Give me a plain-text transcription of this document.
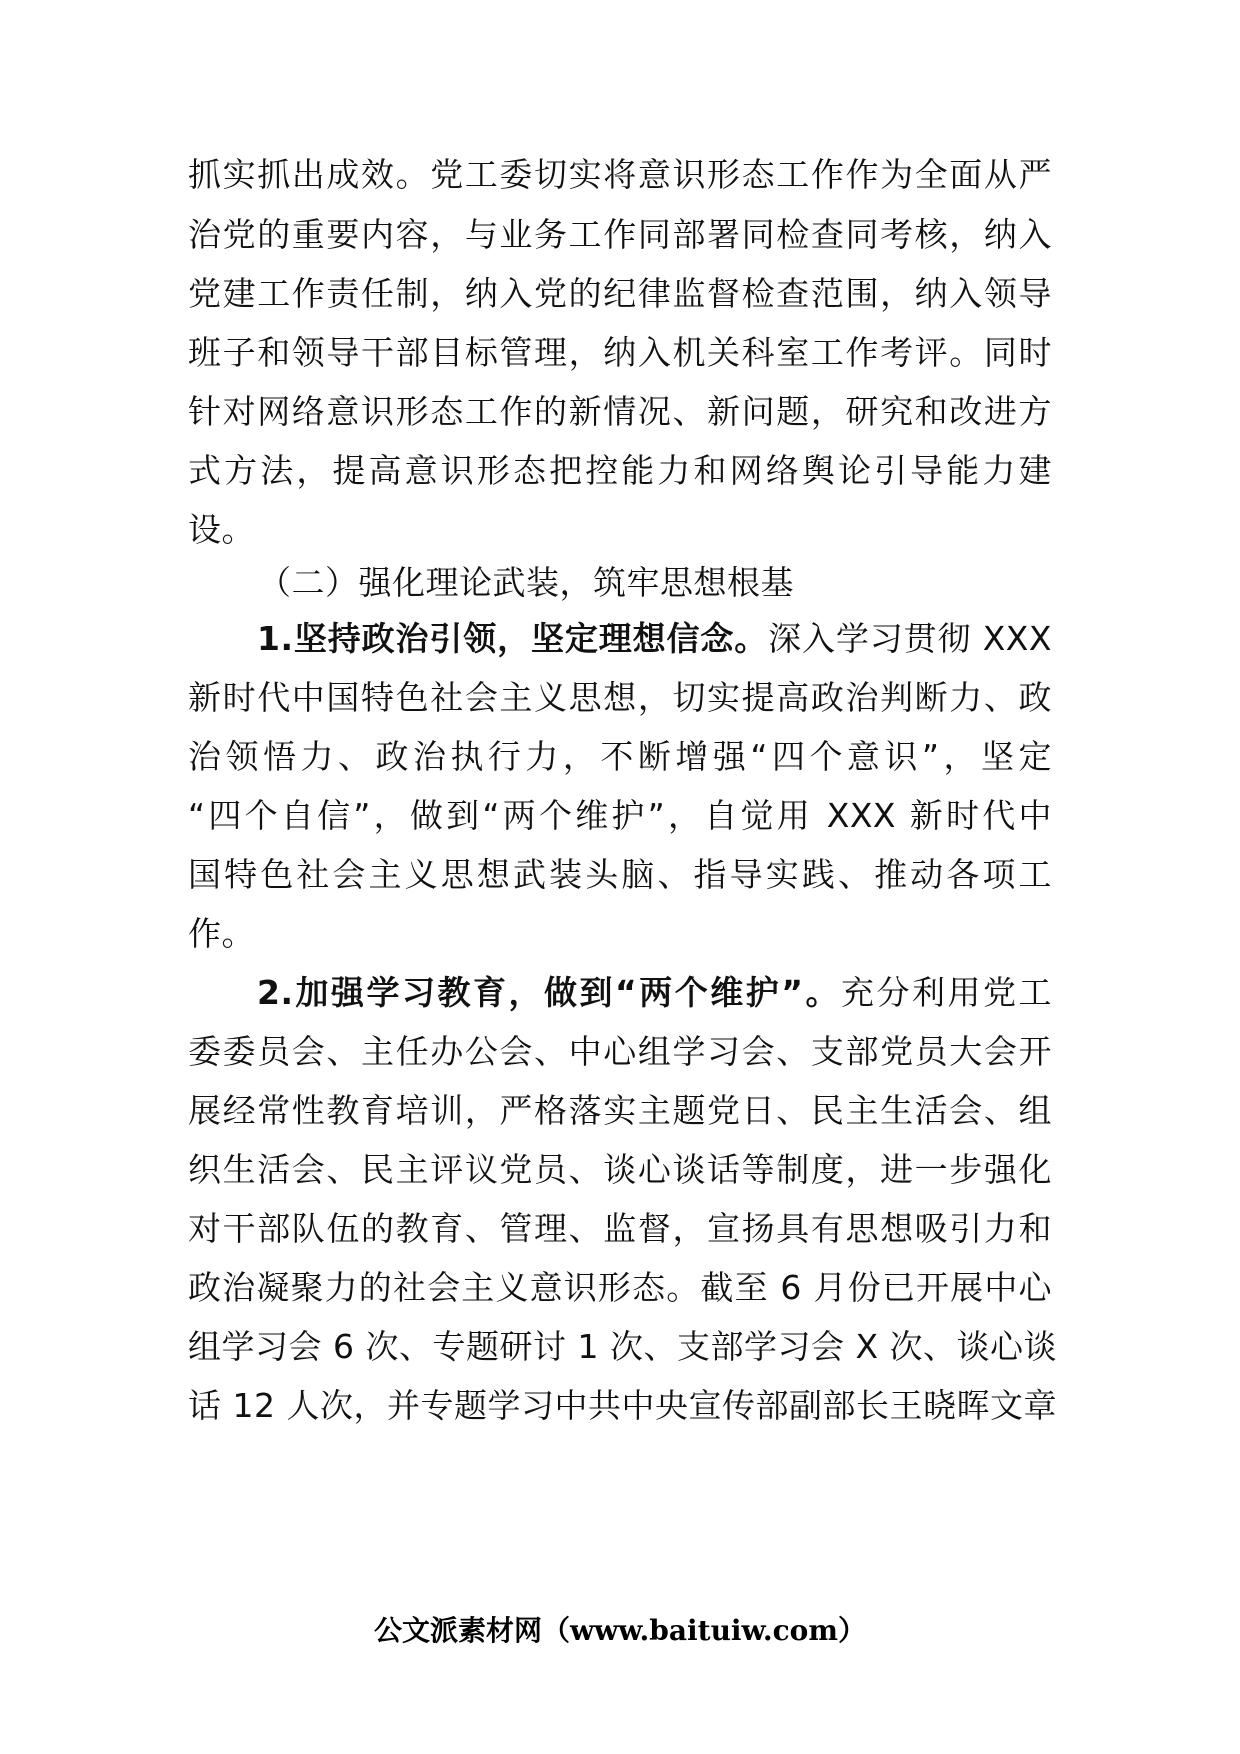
抓实抓出成效。党工委切实将意识形态工作作为全面从严
治党的重要内容，与业务工作同部署同检查同考核，纳入
党建工作责任制，纳入党的纪律监督检查范围，纳入领导
班子和领导干部目标管理，纳入机关科室工作考评。同时
针对网络意识形态工作的新情况、新问题，研究和改进方
式方法，提高意识形态把控能力和网络舆论引导能力建
设。
（二）强化理论武装，筑牢思想根基
1.坚持政治引领，坚定理想信念。深入学习贯彻 XXX
新时代中国特色社会主义思想，切实提高政治判断力、政
治领悟力、政治执行力，不断增强“四个意识”，坚定
“四个自信”，做到“两个维护”，自觉用 XXX 新时代中
国特色社会主义思想武装头脑、指导实践、推动各项工
作。
2.加强学习教育，做到“两个维护”。充分利用党工
委委员会、主任办公会、中心组学习会、支部党员大会开
展经常性教育培训，严格落实主题党日、民主生活会、组
织生活会、民主评议党员、谈心谈话等制度，进一步强化
对干部队伍的教育、管理、监督，宣扬具有思想吸引力和
政治凝聚力的社会主义意识形态。截至 6 月份已开展中心
组学习会 6 次、专题研讨 1 次、支部学习会 X 次、谈心谈
话 12 人次，并专题学习中共中央宣传部副部长王晓晖文章
公文派素材网（www.baituiw.com）
